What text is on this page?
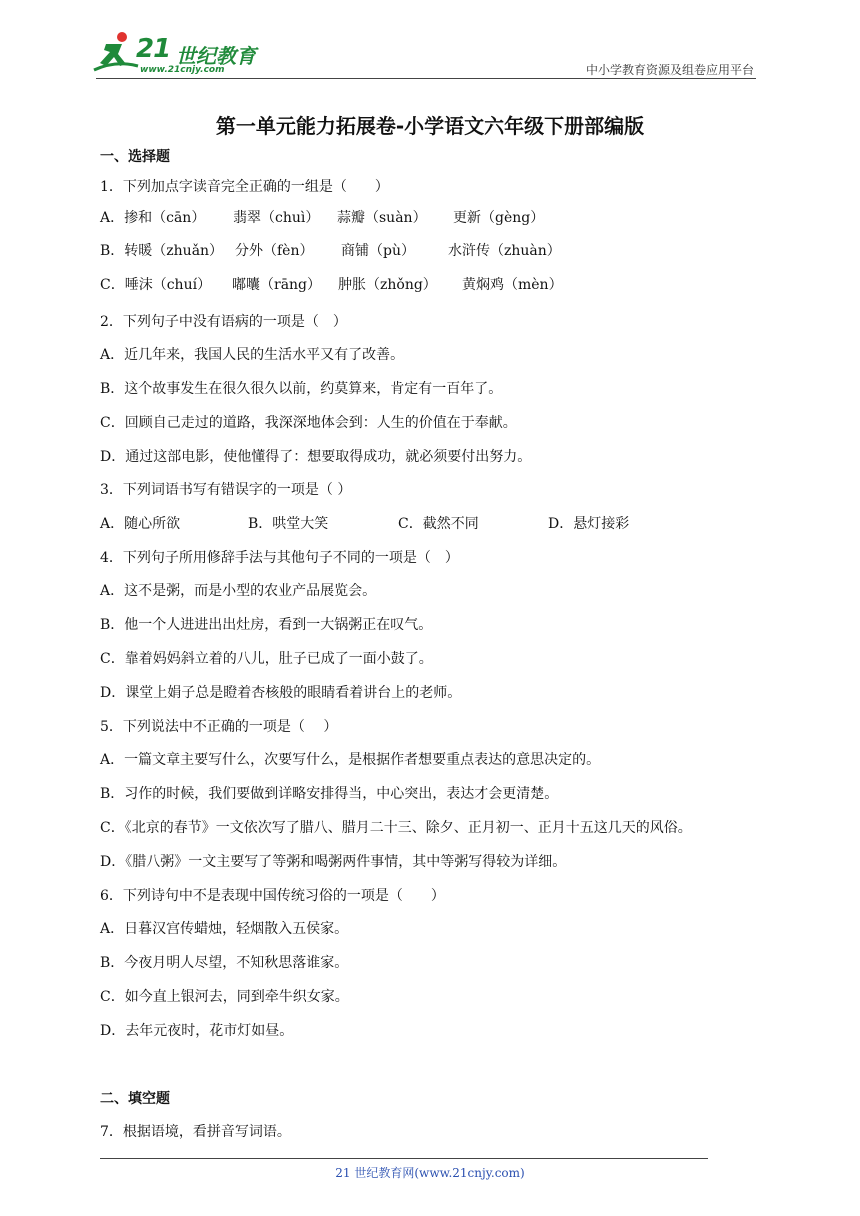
21 世纪教育
www.21cnjy.com	中小学教育资源及组卷应用平台
第一单元能力拓展卷-小学语文六年级下册部编版
一、选择题
1．下列加点字读音完全正确的一组是（　　）
A．掺和（cān） 翡翠（chuì） 蒜瓣（suàn） 更新（gèng）
B．转暖（zhuǎn） 分外（fèn） 商铺（pù） 水浒传（zhuàn）
C．唾沫（chuí） 嘟囔（rāng） 肿胀（zhǒng） 黄焖鸡（mèn）
2．下列句子中没有语病的一项是（　）
A．近几年来，我国人民的生活水平又有了改善。
B．这个故事发生在很久很久以前，约莫算来，肯定有一百年了。
C．回顾自己走过的道路，我深深地体会到：人生的价值在于奉献。
D．通过这部电影，使他懂得了：想要取得成功，就必须要付出努力。
3．下列词语书写有错误字的一项是（ ）
A．随心所欲	B．哄堂大笑	C．截然不同	D．悬灯接彩
4．下列句子所用修辞手法与其他句子不同的一项是（　）
A．这不是粥，而是小型的农业产品展览会。
B．他一个人进进出出灶房，看到一大锅粥正在叹气。
C．靠着妈妈斜立着的八儿，肚子已成了一面小鼓了。
D．课堂上娟子总是瞪着杏核般的眼睛看着讲台上的老师。
5．下列说法中不正确的一项是（　 ）
A．一篇文章主要写什么，次要写什么，是根据作者想要重点表达的意思决定的。
B．习作的时候，我们要做到详略安排得当，中心突出，表达才会更清楚。
C．《北京的春节》一文依次写了腊八、腊月二十三、除夕、正月初一、正月十五这几天的风俗。
D．《腊八粥》一文主要写了等粥和喝粥两件事情，其中等粥写得较为详细。
6．下列诗句中不是表现中国传统习俗的一项是（　　）
A．日暮汉宫传蜡烛，轻烟散入五侯家。
B．今夜月明人尽望，不知秋思落谁家。
C．如今直上银河去，同到牵牛织女家。
D．去年元夜时，花市灯如昼。
二、填空题
7．根据语境，看拼音写词语。
21 世纪教育网(www.21cnjy.com)
